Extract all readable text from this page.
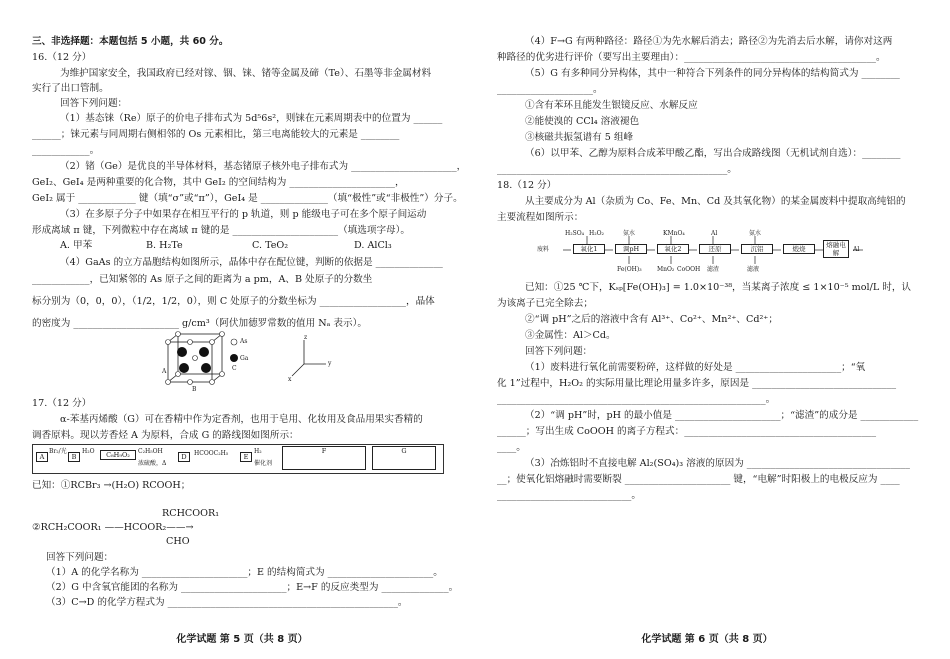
三、非选择题：本题包括 5 小题，共 60 分。
16.（12 分）
为维护国家安全，我国政府已经对镓、铟、铼、锗等金属及碲（Te）、石墨等非金属材料
实行了出口管制。
回答下列问题：
（1）基态铼（Re）原子的价电子排布式为 5d⁵6s²，则铼在元素周期表中的位置为 ______
______；铼元素与同周期右侧相邻的 Os 元素相比，第三电离能较大的元素是 ________
____________。
（2）锗（Ge）是优良的半导体材料，基态锗原子核外电子排布式为 ______________________，
GeI₂、GeI₄ 是两种重要的化合物，其中 GeI₂ 的空间结构为 ______________________，
GeI₂ 属于 ____________ 键（填“σ”或“π”），GeI₄ 是 ______________（填“极性”或“非极性”）分子。
（3）在多原子分子中如果存在相互平行的 p 轨道，则 p 能级电子可在多个原子间运动
形成离域 π 键，下列微粒中存在离域 π 键的是 ______________________（填选项字母）。
A. 甲苯	B. H₂Te	C. TeO₂	D. AlCl₃
（4）GaAs 的立方晶胞结构如图所示，晶体中存在配位键，判断的依据是 ______________
____________，已知紧邻的 As 原子之间的距离为 a pm，A、B 处原子的分数坐
标分别为（0，0，0），（1/2，1/2，0），则 C 处原子的分数坐标为 __________________，晶体
的密度为 ______________________ g/cm³（阿伏加德罗常数的值用 Nₐ 表示）。
As
Ga
A
B
C
z
y
x
17.（12 分）
α-苯基丙烯酸（G）可在香精中作为定香剂，也用于皂用、化妆用及食品用果实香精的
调香原料。现以芳香烃 A 为原料，合成 G 的路线图如图所示：
A
Br₂/光
B
H₂O	C₈H₉O₂	C₂H₅OH
浓硫酸，Δ
D	HCOOC₂H₅	E
H₂
催化剂
F	G
已知：①RCBr₃ →(H₂O) RCOOH；
RCHCOOR₁
②RCH₂COOR₁ ——HCOOR₂——→
CHO
回答下列问题：
（1）A 的化学名称为 ______________________；E 的结构简式为 ______________________。
（2）G 中含氧官能团的名称为 ______________________；E→F 的反应类型为 ______________。
（3）C→D 的化学方程式为 ________________________________________________。
化学试题 第 5 页（共 8 页）
（4）F→G 有两种路径：路径①为先水解后消去；路径②为先消去后水解，请你对这两
种路径的优劣进行评价（要写出主要理由）：________________________________________。
（5）G 有多种同分异构体，其中一种符合下列条件的同分异构体的结构简式为 ________
____________________。
①含有苯环且能发生银镜反应、水解反应
②能使溴的 CCl₄ 溶液褪色
③核磁共振氢谱有 5 组峰
（6）以甲苯、乙醇为原料合成苯甲酸乙酯，写出合成路线图（无机试剂自选）：________
________________________________________________。
18.（12 分）
从主要成分为 Al（杂质为 Co、Fe、Mn、Cd 及其氧化物）的某金属废料中提取高纯铝的
主要流程如图所示：
废料	氧化1	调pH	氧化2	还原	沉铝	煅烧	熔融电解	Al
H₂SO₄ H₂O₂	氨水	KMnO₄	Al	氨水
Fe(OH)₃	MnO₂ CoOOH 滤渣	滤液
已知：①25 ℃下，Kₛₚ[Fe(OH)₃] = 1.0×10⁻³⁸，当某离子浓度 ≤ 1×10⁻⁵ mol/L 时，认
为该离子已完全除去；
②“调 pH”之后的溶液中含有 Al³⁺、Co²⁺、Mn²⁺、Cd²⁺；
③金属性：Al＞Cd。
回答下列问题：
（1）废料进行氧化前需要粉碎，这样做的好处是 ______________________；“氧
化 1”过程中，H₂O₂ 的实际用量比理论用量多许多，原因是 ______________________________
________________________________________________________。
（2）“调 pH”时，pH 的最小值是 ______________________；“滤渣”的成分是 ____________
______；写出生成 CoOOH 的离子方程式：________________________________________
____。
（3）冶炼铝时不直接电解 Al₂(SO₄)₃ 溶液的原因为 __________________________________
__；使氧化铝熔融时需要断裂 ______________________ 键，“电解”时阳极上的电极反应为 ____
____________________________。
化学试题 第 6 页（共 8 页）
